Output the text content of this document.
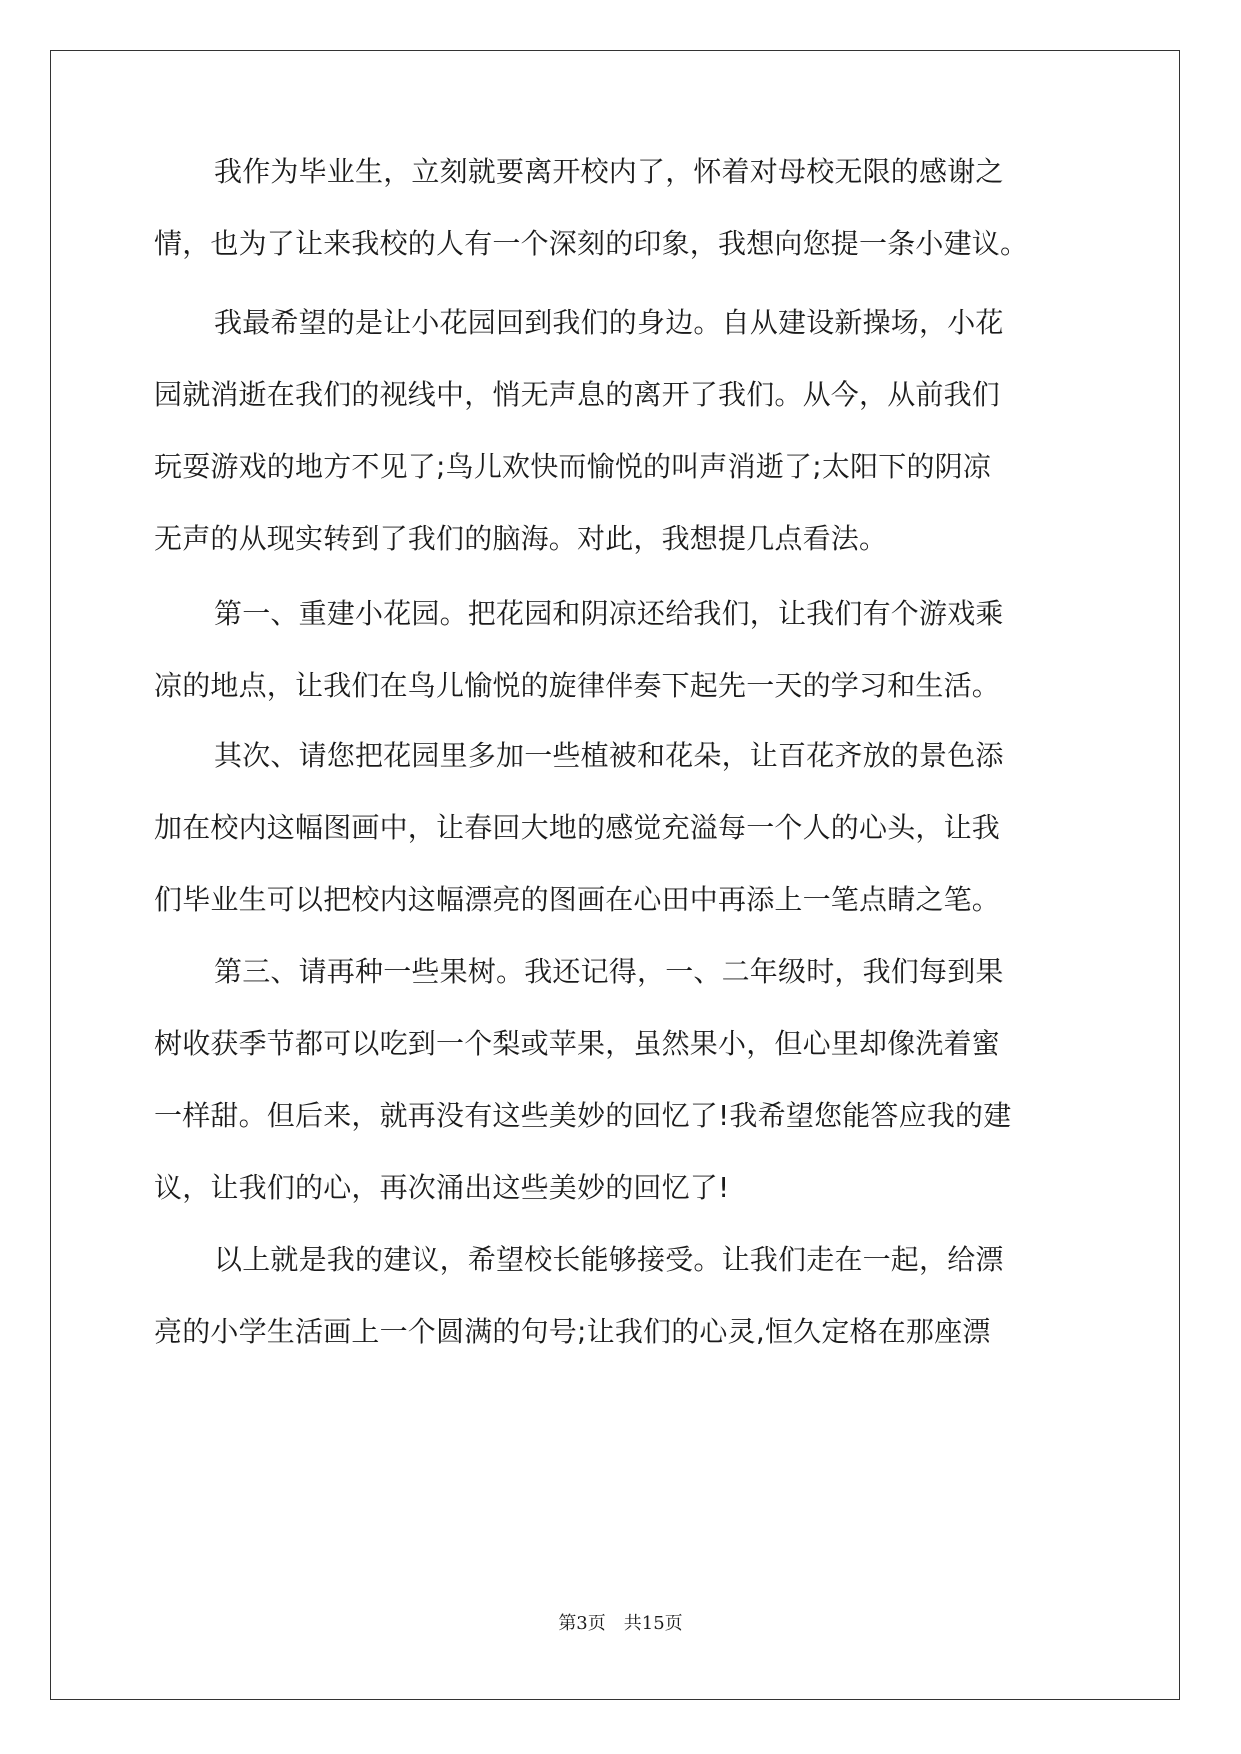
我作为毕业生，立刻就要离开校内了，怀着对母校无限的感谢之
情，也为了让来我校的人有一个深刻的印象，我想向您提一条小建议。
我最希望的是让小花园回到我们的身边。自从建设新操场，小花
园就消逝在我们的视线中，悄无声息的离开了我们。从今，从前我们
玩耍游戏的地方不见了;鸟儿欢快而愉悦的叫声消逝了;太阳下的阴凉
无声的从现实转到了我们的脑海。对此，我想提几点看法。
第一、重建小花园。把花园和阴凉还给我们，让我们有个游戏乘
凉的地点，让我们在鸟儿愉悦的旋律伴奏下起先一天的学习和生活。
其次、请您把花园里多加一些植被和花朵，让百花齐放的景色添
加在校内这幅图画中，让春回大地的感觉充溢每一个人的心头，让我
们毕业生可以把校内这幅漂亮的图画在心田中再添上一笔点睛之笔。
第三、请再种一些果树。我还记得，一、二年级时，我们每到果
树收获季节都可以吃到一个梨或苹果，虽然果小，但心里却像洗着蜜
一样甜。但后来，就再没有这些美妙的回忆了!我希望您能答应我的建
议，让我们的心，再次涌出这些美妙的回忆了!
以上就是我的建议，希望校长能够接受。让我们走在一起，给漂
亮的小学生活画上一个圆满的句号;让我们的心灵,恒久定格在那座漂
第3页　共15页
